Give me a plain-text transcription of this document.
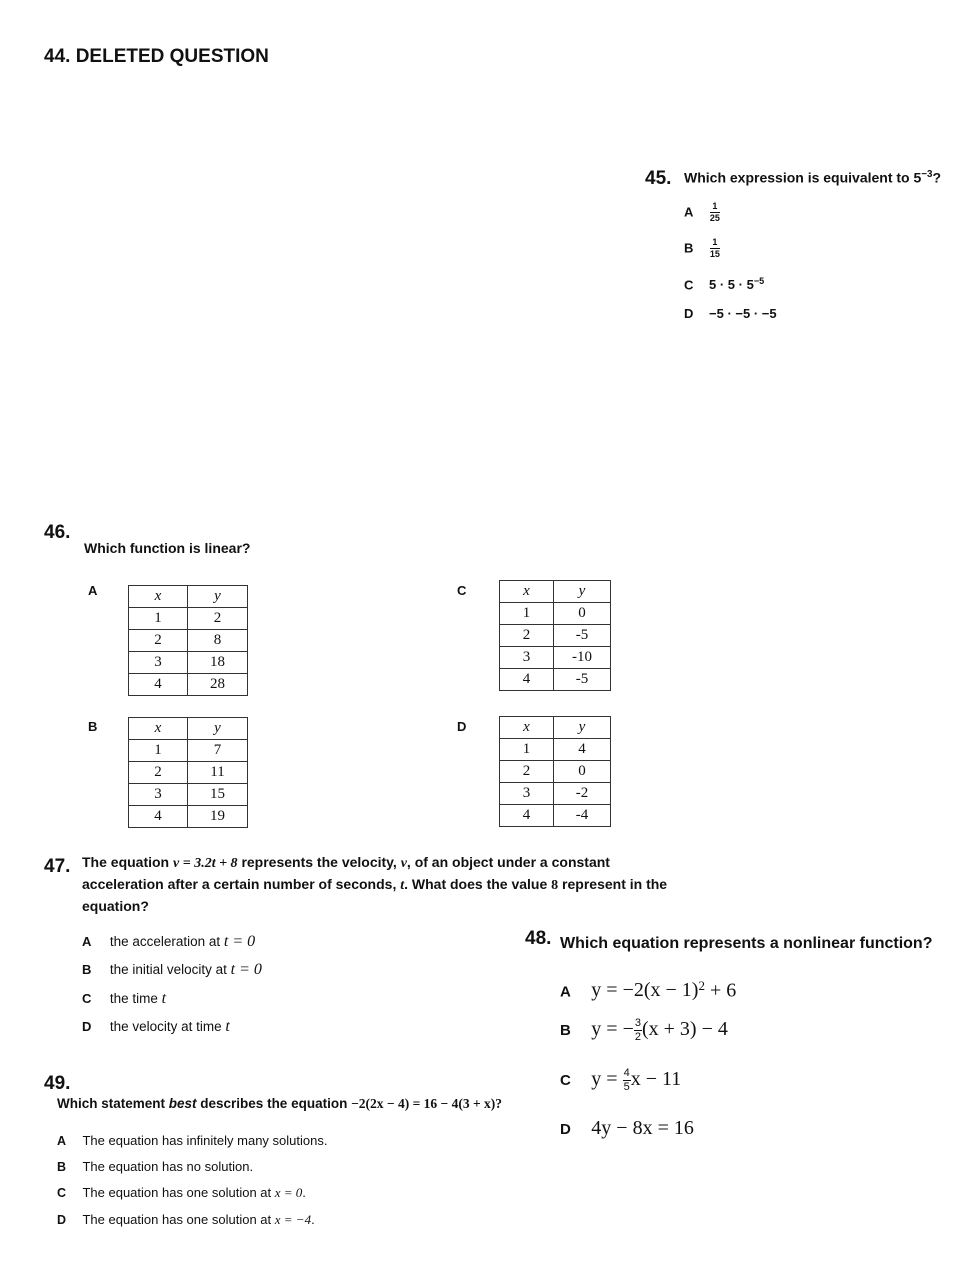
44. DELETED QUESTION
45. Which expression is equivalent to $5^{-3}$?
A $\frac{1}{25}$
B $\frac{1}{15}$
C $5 \cdot 5 \cdot 5^{-5}$
D −5 · −5 · −5
46.
Which function is linear?
A	x	y
1	2
2	8
3	18
4	28
B	x	y
1	7
2	11
3	15
4	19
C	x	y
1	0
2	-5
3	-10
4	-5
D	x	y
1	4
2	0
3	-2
4	-4
47. The equation v = 3.2t + 8 represents the velocity, v, of an object under a constant
acceleration after a certain number of seconds, t. What does the value 8 represent in the
equation?
A the acceleration at t = 0
B the initial velocity at t = 0
C the time t
D the velocity at time t
48. Which equation represents a nonlinear function?
A $y = -2(x - 1)^2 + 6$
B y = − $\frac{3}{2} (x + 3) - 4$
C $y = \frac{4}{5}$ x − 11
D 4y − 8x = 16
49.
Which statement best describes the equation −2(2x − 4) = 16 − 4(3 + x)?
A The equation has infinitely many solutions.
B The equation has no solution.
C The equation has one solution at x = 0.
D The equation has one solution at x = −4.
